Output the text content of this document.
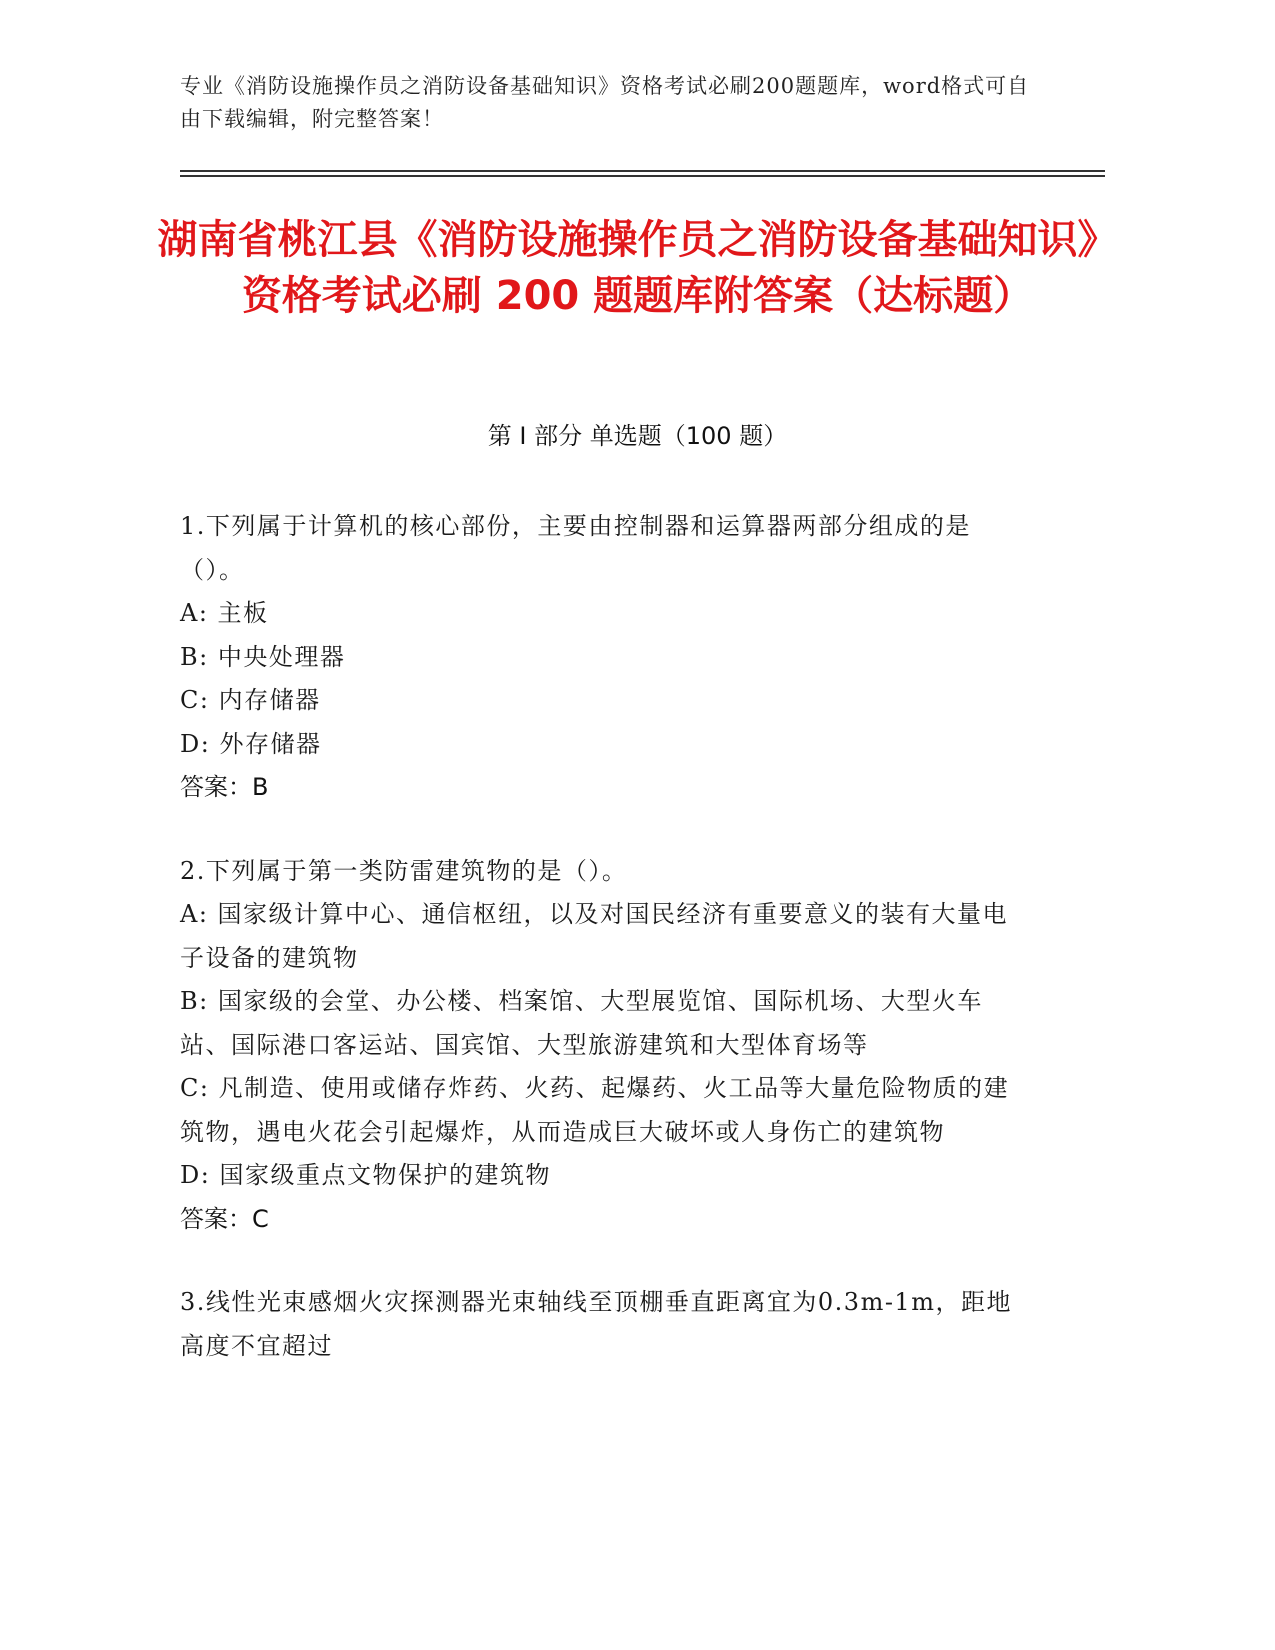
专业《消防设施操作员之消防设备基础知识》资格考试必刷200题题库，word格式可自由下载编辑，附完整答案！
湖南省桃江县《消防设施操作员之消防设备基础知识》资格考试必刷 200 题题库附答案（达标题）
第 I 部分 单选题（100 题）

1.下列属于计算机的核心部份，主要由控制器和运算器两部分组成的是（）。

A: 主板

B: 中央处理器

C: 内存储器

D: 外存储器

答案：B

2.下列属于第一类防雷建筑物的是（）。

A: 国家级计算中心、通信枢纽，以及对国民经济有重要意义的装有大量电子设备的建筑物

B: 国家级的会堂、办公楼、档案馆、大型展览馆、国际机场、大型火车站、国际港口客运站、国宾馆、大型旅游建筑和大型体育场等

C: 凡制造、使用或储存炸药、火药、起爆药、火工品等大量危险物质的建筑物，遇电火花会引起爆炸，从而造成巨大破坏或人身伤亡的建筑物

D: 国家级重点文物保护的建筑物

答案：C

3.线性光束感烟火灾探测器光束轴线至顶棚垂直距离宜为0.3m-1m，距地高度不宜超过
